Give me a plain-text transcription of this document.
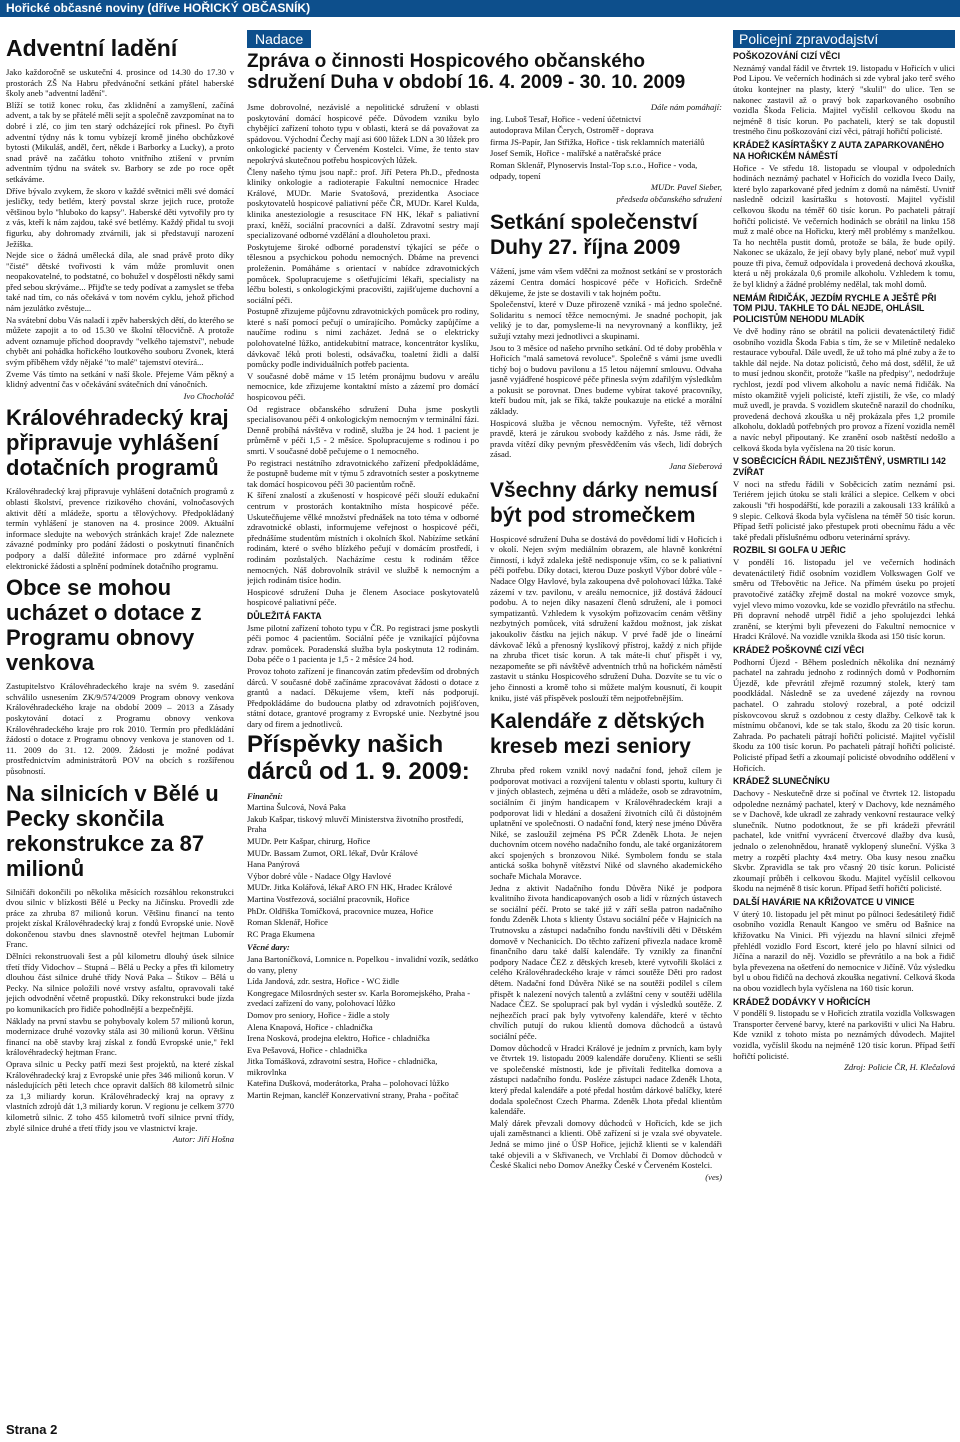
Hořické občasné noviny (dříve HOŘICKÝ OBČASNÍK)
Adventní ladění

Jako každoročně se uskuteční 4. prosince od 14.30 do 17.30 v prostorách ZŠ Na Habru předvánoční setkání přátel haberské školy aneb "adventní ladění".

Blíží se totiž konec roku, čas zklidnění a zamyšlení, začíná advent, a tak by se přátelé měli sejít a společně zavzpomínat na to dobré i zlé, co jim ten starý odcházející rok přinesl. Po čtyři adventní týdny nás k tomu vybízejí kromě jiného obchůzkové bytosti (Mikuláš, anděl, čert, někde i Barborky a Lucky), a proto snad právě na začátku tohoto vnitřního ztišení v prvním adventním týdnu na svátek sv. Barbory se zde po roce opět setkáváme.

Dříve bývalo zvykem, že skoro v každé světnici měli své domácí jesličky, tedy betlém, který povstal skrze jejich ruce, protože většinou bylo "hluboko do kapsy". Haberské děti vytvořily pro ty z vás, kteří k nám zajdou, také své betlémy. Každý přidal tu svoji figurku, aby dohromady ztvárnili, jak si představují narození Ježíška.

Nejde sice o žádná umělecká díla, ale snad právě proto díky "čisté" dětské tvořivosti k vám může promluvit onen neopakovatelné, to podstatné, co bohužel v dospělosti někdy sami před sebou skrýváme... Přijďte se tedy podívat a zamyslet se třeba také nad tím, co nás očekává v tom novém cyklu, jehož přichod nám jezulátko zvěstuje...

Na svátební dobu Vás naladí i zpěv haberských dětí, do kterého se můžete zapojit a to od 15.30 ve školní tělocvičně. A protože advent oznamuje příchod doopravdy "velkého tajemství", nebude chybět ani pohádka hořického loutkového souboru Zvonek, která svým příběhem vždy nějaké "to malé" tajemství otevírá...

Zveme Vás tímto na setkání v naší škole. Přejeme Vám pěkný a klidný adventní čas v očekávání svátečních dní vánočních.

Ivo Chocholáč

Královéhradecký kraj připravuje vyhlášení dotačních programů

Královéhradecký kraj připravuje vyhlášení dotačních programů z oblasti školství, prevence rizikového chování, volnočasových aktivit dětí a mládeže, sportu a tělovýchovy. Předpokládaný termín vyhlášení je stanoven na 4. prosince 2009. Aktuální informace sledujte na webových stránkách kraje! Zde naleznete závazné podmínky pro podání žádosti o poskytnutí finančních podpory a další důležité informace pro zdárné vyplnění elektronické žádosti a splnění podmínek dotačního programu.

Obce se mohou ucházet o dotace z Programu obnovy venkova

Zastupitelstvo Královéhradeckého kraje na svém 9. zasedání schválilo usnesením ZK/9/574/2009 Program obnovy venkova Královéhradeckého kraje na období 2009 – 2013 a Zásady poskytování dotací z Programu obnovy venkova Královéhradeckého kraje pro rok 2010. Termín pro předkládání žádostí o dotace z Programu obnovy venkova je stanoven od 1. 11. 2009 do 31. 12. 2009. Žádosti je možné podávat prostřednictvím administrátorů POV na obcích s rozšířenou působností.

Na silnicích v Bělé u Pecky skončila rekonstrukce za 87 milionů

Silničáři dokončili po několika měsících rozsáhlou rekonstrukci dvou silnic v blízkosti Bělé u Pecky na Jičínsku. Provedli zde práce za zhruba 87 milionů korun. Většinu financí na tento projekt získal Královéhradecký kraj z fondů Evropské unie. Nově dokončenou stavbu dnes slavnostně otevřel hejtman Lubomír Franc.

Dělníci rekonstruovali šest a půl kilometru dlouhý úsek silnice třetí třídy Vidochov – Stupná – Bělá u Pecky a přes tři kilometry dlouhou část silnice druhé třídy Nová Paka – Štikov – Bělá u Pecky. Na silnice položili nové vrstvy asfaltu, opravovali také jejich odvodnění včetně propustků. Díky rekonstrukci bude jízda po komunikacích pro řidiče pohodlnější a bezpečnější.

Náklady na první stavbu se pohybovaly kolem 57 milionů korun, modernizace druhé vozovky stála asi 30 milionů korun. Většinu financí na obě stavby kraj získal z fondů Evropské unie," řekl královéhradecký hejtman Franc.

Oprava silnic u Pecky patří mezi šest projektů, na které získal Královéhradecký kraj z Evropské unie přes 346 milionů korun. V následujících pěti letech chce opravit dalších 88 kilometrů silnic za 1,3 miliardy korun. Královéhradecký kraj na opravy z vlastních zdrojů dát 1,3 miliardy korun. V regionu je celkem 3770 kilometrů silnic. Z toho 455 kilometrů tvoří silnice první třídy, zbylé silnice druhé a třetí třídy jsou ve vlastnictví kraje.

Autor: Jiří Hošna

Nadace
Zpráva o činnosti Hospicového občanského sdružení Duha v období 16. 4. 2009 - 30. 10. 2009

Jsme dobrovolné, nezávislé a nepolitické sdružení v oblasti poskytování domácí hospicové péče. Důvodem vzniku bylo chybějící zařízení tohoto typu v oblasti, která se dá považovat za spádovou. Východní Čechy mají asi 600 lůžek LDN a 30 lůžek pro onkologické pacienty v Červeném Kostelci. Víme, že tento stav nepokrývá skutečnou potřebu hospicových lůžek.

Členy našeho týmu jsou např.: prof. Jiří Petera Ph.D., přednosta kliniky onkologie a radioterapie Fakultní nemocnice Hradec Králové, MUDr. Marie Svatošová, prezidentka Asociace poskytovatelů hospicové paliativní péče ČR, MUDr. Karel Kulda, klinika anesteziologie a resuscitace FN HK, lékař s paliativní praxí, kněží, sociální pracovníci a další. Zdravotní sestry mají specializované odborné vzdělání a dlouholetou praxi.

Poskytujeme široké odborné poradenství týkající se péče o tělesnou a psychickou pohodu nemocných. Dbáme na prevenci proleženin. Pomáháme s orientací v nabídce zdravotnických pomůcek. Spolupracujeme s ošetřujícími lékaři, specialisty na léčbu bolesti, s onkologickými pracovišti, zajišťujeme duchovní a sociální péči.

Postupně zřizujeme půjčovnu zdravotnických pomůcek pro rodiny, které s naší pomocí pečují o umírajícího. Pomůcky zapůjčíme a naučíme rodinu s nimi zacházet. Jedná se o elektricky polohovatelné lůžko, antidekubitní matrace, koncentrátor kyslíku, dávkovač léků proti bolesti, odsávačku, toaletní židli a další pomůcky podle individuálních potřeb pacienta.

V současné době máme v 15 letém pronájmu budovu v areálu nemocnice, kde zřizujeme kontaktní místo a zázemí pro domácí hospicovou péči.

Od registrace občanského sdružení Duha jsme poskytli specialisovanou péči 4 onkologickým nemocným v terminální fázi. Denně probíhá návštěva v rodině, služba je 24 hod. 1 pacient je průměrně v péči 1,5 - 2 měsíce. Spolupracujeme s rodinou i po smrti. V současné době pečujeme o 1 nemocného.

Po registraci nestátního zdravotnického zařízení předpokládáme, že postupně budeme mít v týmu 5 zdravotních sester a poskytneme tak domácí hospicovou péči 30 pacientům ročně.

K šíření znalostí a zkušeností v hospicové péči slouží edukační centrum v prostorách kontaktního místa hospicové péče. Uskutečňujeme vělké množství přednášek na toto téma v odborné zdravotnické oblasti, informujeme veřejnost o hospicové péči, přednášíme studentům místních i okolních škol. Nabízíme setkání rodinám, které o svého blízkého pečují v domácím prostředí, i rodinám pozůstalých. Nacházíme cestu k rodinám těžce nemocných. Náš dobrovolník strávil ve službě k nemocným a jejich rodinám tisíce hodin.

Hospicové sdružení Duha je členem Asociace poskytovatelů hospicové paliativní péče.

DŮLEŽITÁ FAKTA

Jsme pilotní zařízení tohoto typu v ČR. Po registraci jsme poskytli péči pomoc 4 pacientům. Sociální péče je vznikající půjčovna zdrav. pomůcek. Poradenská služba byla poskytnuta 12 rodinám. Doba péče o 1 pacienta je 1,5 - 2 měsíce 24 hod.

Provoz tohoto zařízení je financován zatím především od drobných dárců. V současné době začínáme zpracovávat žádosti o dotace z grantů a nadací. Děkujeme všem, kteří nás podporují. Předpokládáme do budoucna platby od zdravotních pojišťoven, státní dotace, grantové programy z Evropské unie. Nezbytné jsou dary od firem a jednotlivců.

Příspěvky našich dárců od 1. 9. 2009:

Finanční:

Martina Šulcová, Nová Paka

Jakub Kašpar, tiskový mluvčí Ministerstva životního prostředí, Praha

MUDr. Petr Kašpar, chirurg, Hořice

MUDr. Bassam Zumot, ORL lékař, Dvůr Králové

Hana Panýrová

Výbor dobré vůle - Nadace Olgy Havlové

MUDr. Jitka Kolářová, lékař ARO FN HK, Hradec Králové

Martina Vostřezová, sociální pracovník, Hořice

PhDr. Oldřiška Tomíčková, pracovnice muzea, Hořice

Roman Sklenář, Hořice

RC Praga Ekumena

Věcné dary:

Jana Bartoníčková, Lomnice n. Popelkou - invalidní vozík, sedátko do vany, pleny

Lída Jandová, zdr. sestra, Hořice - WC židle

Kongregace Milosrdných sester sv. Karla Boromejského, Praha - zvedací zařízení do vany, polohovací lůžko

Domov pro seniory, Hořice - židle a stoly

Alena Knapová, Hořice - chladnička

Irena Nosková, prodejna elektro, Hořice - chladnička

Eva Pešavová, Hořice - chladnička

Jitka Tomášková, zdravotní sestra, Hořice - chladnička, mikrovlnka

Kateřina Dušková, moderátorka, Praha – polohovací lůžko

Martin Rejman, kancléř Konzervativní strany, Praha - počítač

Dále nám pomáhají:

ing. Luboš Tesař, Hořice - vedení účetnictví

autodoprava Milan Čerych, Ostroměř - doprava

firma JS-Papír, Jan Střižka, Hořice - tisk reklamních materiálů

Josef Semík, Hořice - malířské a natěračské práce

Roman Sklenář, Plynoservis Instal-Top s.r.o., Hořice - voda, odpady, topení

MUDr. Pavel Sieber,

předseda občanského sdružení

Setkání společenství Duhy 27. října 2009

Vážení, jsme vám všem vděčni za možnost setkání se v prostorách zázemí Centra domácí hospicové péče v Hořicích. Srdečně děkujeme, že jste se dostavili v tak hojném počtu.

Společenství, které v Duze přirozeně vzniká - má jedno společné. Solidaritu s nemocí těžce nemocnými. Je snadné pochopit, jak veliký je to dar, pomysleme-li na nevyrovnaný a konflikty, jež sužují vztahy mezi jednotlivci a skupinami.

Jsou to 3 měsíce od našeho prvního setkání. Od té doby proběhla v Hořicích "malá sametová revoluce". Společně s vámi jsme uvedli tichý boj o budovu pavilonu a 15 letou nájemní smlouvu. Odvaha jasně vyjádřené hospicové péče přinesla svým zdařilým výsledkům a pokusit se porovnat. Dnes budeme vybírat takové pracovníky, kteří budou mít, jak se říká, takže poukazuje na etické a morální základy.

Hospicová služba je věcnou nemocným. Vyřešte, též věrnost pravdě, která je zárukou svobody každého z nás. Jsme rádi, že pravda vítězí díky pevným přesvědčením vás všech, lidí dobrých zásad.

Jana Sieberová

Všechny dárky nemusí být pod stromečkem

Hospicové sdružení Duha se dostává do povědomí lidí v Hořicích i v okolí. Nejen svým mediálním obrazem, ale hlavně konkrétní činností, i když zdaleka ještě nedisponuje vším, co se k paliativní péči potřebu. Díky dotaci, kterou Duze poskytl Výbor dobré vůle - Nadace Olgy Havlové, byla zakoupena dvě polohovací lůžka. Také zázemí v tzv. pavilonu, v areálu nemocnice, již dostává žádoucí podobu. A to nejen díky nasazení členů sdružení, ale i pomoci sympatizantů. Vzhledem k vysokým pořizovacím cenám většiny nezbytných pomůcek, vítá sdružení každou možnost, jak získat jakoukoliv částku na jejich nákup. V prvé řadě jde o lineární dávkovač léků a přenosný kyslíkový přístroj, každý z nich přijde na zhruba třicet tisíc korun. A tak máte-li chuť přispět i vy, nezapomeňte se při návštěvě adventních trhů na hořickém náměstí zastavit u stánku Hospicového sdružení Duha. Dozvíte se tu víc o jeho činnosti a kromě toho si můžete malým kousnutí, či koupit kniku, jisté váš příspěvek poslouží těm nejpotřebnějším.

Kalendáře z dětských kreseb mezi seniory

Zhruba před rokem vznikl nový nadační fond, jehož cílem je podporovat motivaci a rozvíjení talentu v oblasti sportu, kultury či v jiných oblastech, zejména u dětí a mládeže, osob se zdravotním, sociálním či jiným handicapem v Královéhradeckém kraji a podporovat lidi v hledání a dosažení životních cílů či důstojném uplatnění ve společnosti. O nadační fond, který nese jméno Důvěra Niké, se zasloužil zejména PS PČR Zdeněk Lhota. Je nejen duchovním otcem nového nadačního fondu, ale také organizátorem akcí spojených s bronzovou Niké. Symbolem fondu se stala antická soška bohyně vítězství Niké od slavného akademického sochaře Michala Moravce.

Jedna z aktivit Nadačního fondu Důvěra Niké je podpora kvalitního života handicapovaných osob a lidí v různých ústavech se sociální péčí. Proto se také již v září sešla patron nadačního fondu Zdeněk Lhota s klienty Ústavu sociální péče v Hajnicích na Trutnovsku a zástupci nadačního fondu navštívili děti v Dětském domově v Nechanicích. Do těchto zařízení přivezla nadace kromě finančního daru také další kalendáře. Ty vznikly za finanční podpory Nadace ČEZ z dětských kreseb, které vytvořili školáci z celého Královéhradeckého kraje v rámci soutěže Děti pro radost dětem. Nadační fond Důvěra Niké se na soutěži podílel s cílem přispět k nalezení nových talentů a zvláštní ceny v soutěži udělila Nadace ČEZ. Se spoluprací pak byl vydán i výsledků soutěže. Z nejhezčích prací pak byly vytvořeny kalendáře, které v těchto chvílích putují do rukou klientů domova důchodců a ústavů sociální péče.

Domov důchodců v Hradci Králové je jedním z prvních, kam byly ve čtvrtek 19. listopadu 2009 kalendáře doručeny. Klienti se sešli ve společenské místnosti, kde je přivítali ředitelka domova a zástupci nadačního fondu. Posléze zástupci nadace Zdeněk Lhota, který předal kalendáře a poté předal hostům dárkové balíčky, které dodala společnost Czech Pharma. Zdeněk Lhota předal klientům kalendáře.

Malý dárek převzali domovy důchodců v Hořicích, kde se jich ujali zaměstnanci a klienti. Obě zařízení si je vzala své obyvatele. Jedná se mimo jiné o ÚSP Hořice, jejichž klienti se v kalendáři také objevili a v Skřivanech, ve Vrchlabí či Domov důchodců v České Skalici nebo Domov Anežky České v Červeném Kostelci.

(ves)

Policejní zpravodajství
POŠKOZOVÁNÍ CIZÍ VĚCI

Neznámý vandal řádil ve čtvrtek 19. listopadu v Hořicích v ulici Pod Lipou. Ve večerních hodinách si zde vybral jako terč svého útoku kontejner na plasty, který "skulil" do ulice. Ten se nakonec zastavil až o pravý bok zaparkovaného osobního vozidla Škoda Felicia. Majitel vyčíslil celkovou škodu na nejméně 8 tisíc korun. Po pachateli, který se tak dopustil trestného činu poškozování cizí věci, pátrají hořičtí policisté.

KRÁDEŽ KASÍRTAŠKY Z AUTA ZAPARKOVANÉHO NA HOŘICKÉM NÁMĚSTÍ

Hořice - Ve středu 18. listopadu se vloupal v odpoledních hodinách neznámý pachatel v Hořicích do vozidla Iveco Daily, které bylo zaparkované před jedním z domů na náměstí. Uvnitř nasledně odcizil kasírtašku s hotovostí. Majitel vyčíslil celkovou škodu na téměř 60 tisíc korun. Po pachateli pátrají hořičtí policisté. Ve večerních hodinách se obrátil na linku 158 muž z malé obce na Hořicku, který měl problémy s manželkou. Ta ho nechtěla pustit domů, protože se bála, že bude opilý. Nakonec se ukázalo, že její obavy byly plané, neboť muž vypil pouze tři piva, čemuž odpovídala i provedená dechová zkouška, která u něj prokázala 0,6 promile alkoholu. Vzhledem k tomu, že byl klidný a žádné problémy nedělal, tak mohl domů.

NEMÁM ŘIDIČÁK, JEZDÍM RYCHLE A JEŠTĚ PŘI TOM PIJU. TAKHLE TO DÁL NEJDE, OHLÁSIL POLICISTŮM NEHODU MLADÍK

Ve dvě hodiny ráno se obrátil na policii devatenáctiletý řidič osobního vozidla Škoda Fabia s tím, že se v Miletíně nedaleko restaurace vybouřal. Dále uvedl, že už toho má plné zuby a že to takhle dál nejde. Na dotaz policistů, čeho má dost, sdělil, že už to musí jednou skončit, protože "kašle na předpisy", nedodržuje rychlost, jezdí pod vlivem alkoholu a navíc nemá řidičák. Na místo okamžitě vyjeli policisté, kteří zjistili, že vše, co mladý muž uvedl, je pravda. S vozidlem skutečně narazil do chodníku, provedená dechová zkouška u něj prokázala přes 1,2 promile alkoholu, dokladů potřebných pro provoz a řízení vozidla neměl a navíc nebyl připoutaný. Ke zranění osob naštěstí nedošlo a celková škoda byla vyčíslena na 20 tisíc korun.

V SOBĚCICÍCH ŘÁDIL NEZJIŠTĚNÝ, USMRTILI 142 ZVÍŘAT

V noci na středu řádili v Soběcicích zatím neznámí psi. Teriérem jejich útoku se stali králíci a slepice. Celkem v obci zakousli "tři hospodářští, kde porazili a zakousali 133 králíků a 9 slepic. Celková škoda byla vyčíslena na téměř 50 tisíc korun. Případ šetří policisté jako přestupek proti obecnímu řádu a věc také předali příslušnému odboru veterinární správy.

ROZBIL SI GOLFA U JEŘIC

V pondělí 16. listopadu jel ve večerních hodinách devatenáctiletý řidič osobním vozidlem Volkswagen Golf ve směru od Třebovětic na Jeřice. Na přímém úseku po projetí pravotočivé zatáčky zřejmě dostal na mokré vozovce smyk, vyjel vlevo mimo vozovku, kde se vozidlo převrátilo na střechu. Při dopravní nehodě utrpěl řidič a jeho spolujezdci lehká zranění, se kterými byli převezeni do Fakultní nemocnice v Hradci Králové. Na vozidle vznikla škoda asi 150 tisíc korun.

KRÁDEŽ POŠKOVNÉ CIZÍ VĚCI

Podhorní Újezd - Během posledních několika dní neznámý pachatel na zahradu jednoho z rodinných domů v Podhorním Újezdě, kde převrátil zřejmě rozumný stolek, který tam poodkládal. Následně se za uvedené zájezdy na rovnou pachatel. O zahradu stolový rozebral, a poté odcizil pískovcovou skruž s ozdobnou z cesty dlažby. Celkově tak k místnímu občanovi, kde se tak stalo, škodu za 20 tisíc korun. Zahrada. Po pachateli pátrají hořičtí policisté. Majitel vyčíslil škodu za 100 tisíc korun. Po pachateli pátrají hořičtí policisté. Policisté případ šetří a zkoumají policisté obvodního oddělení v Hořicích.

KRÁDEŽ SLUNEČNÍKU

Dachovy - Neskutečně drze si počínal ve čtvrtek 12. listopadu odpoledne neznámý pachatel, který v Dachovy, kde neznámého se v Dachově, kde ukradl ze zahrady venkovní restaurace velký slunečník. Nutno podotknout, že se při krádeži převrátil pachatel, kde vnitřní vyvrácení čtvercové dlažby dva kusů, jednalo o zelenohnědou, hranatě vyklopený sluneční. Výška 3 metry a rozpětí plachty 4x4 metry. Oba kusy nesou značku Skvbr. Zpravidla se tak pro včasný 20 tisíc korun. Policisté zkoumají průběh i celkovou škodu. Majitel vyčíslil celkovou škodu na nejméně 8 tisíc korun. Případ šetří hořičtí policisté.

DALŠÍ HAVÁRIE NA KŘIŽOVATCE U VINICE

V úterý 10. listopadu jel pět minut po půlnoci šedesátiletý řidič osobního vozidla Renault Kangoo ve směru od Bašnice na křižovatku Na Vinici. Při výjezdu na hlavní silnici zřejmě přehlédl vozidlo Ford Escort, které jelo po hlavní silnici od Jičína a narazil do něj. Vozidlo se převrátilo a na bok a řidič byla převezena na ošetření do nemocnice v Jičíně. Vůz výsledku byl u obou řidičů na dechová zkouška negativní. Celková škoda na obou vozidlech byla vyčíslena na 160 tisíc korun.

KRÁDEŽ DODÁVKY V HOŘICÍCH

V pondělí 9. listopadu se v Hořicích ztratila vozidla Volkswagen Transporter červené barvy, které na parkovišti v ulici Na Habru. Kde vznikl z tohoto místa po neznámých důvodech. Majitel vozidla, vyčíslil škodu na nejméně 120 tisíc korun. Případ šetří hořičtí policisté.

Zdroj: Policie ČR, H. Klečalová

Strana 2
